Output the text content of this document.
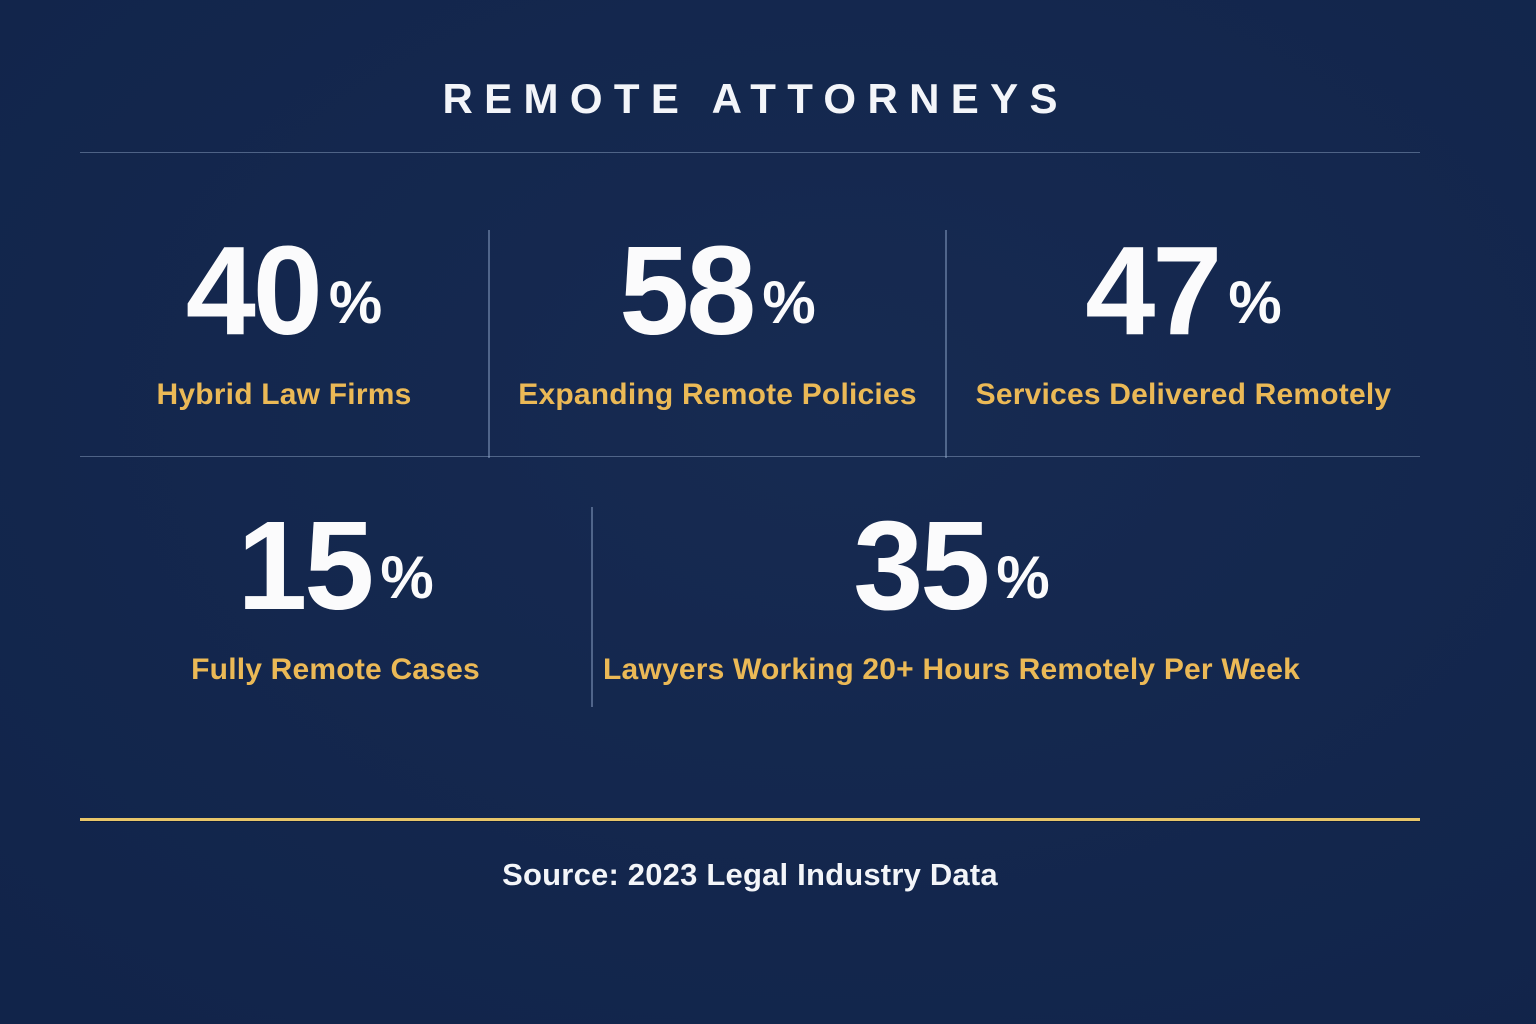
REMOTE ATTORNEYS
40 %
Hybrid Law Firms
58 %
Expanding Remote Policies
47 %
Services Delivered Remotely
15 %
Fully Remote Cases
35 %
Lawyers Working 20+ Hours Remotely Per Week
Source: 2023 Legal Industry Data
